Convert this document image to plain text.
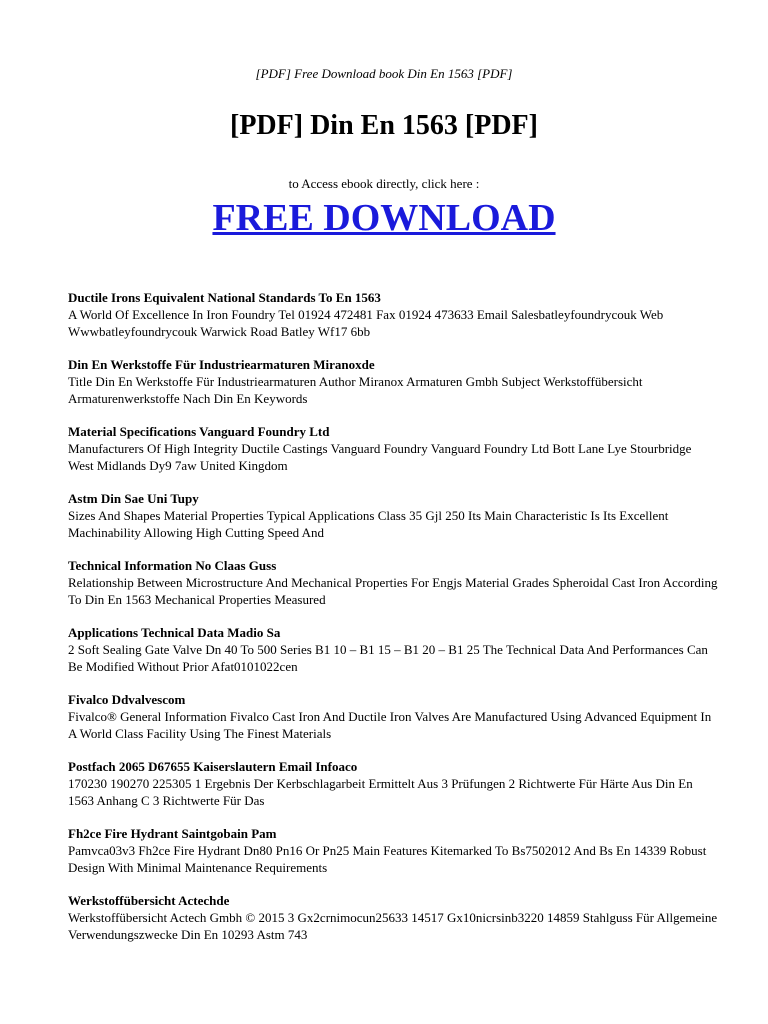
[PDF] Free Download book Din En 1563 [PDF]
[PDF] Din En 1563 [PDF]
to Access ebook directly, click here :
FREE DOWNLOAD
Ductile Irons Equivalent National Standards To En 1563
A World Of Excellence In Iron Foundry Tel 01924 472481 Fax 01924 473633 Email Salesbatleyfoundrycouk Web Wwwbatleyfoundrycouk Warwick Road Batley Wf17 6bb
Din En Werkstoffe Für Industriearmaturen Miranoxde
Title Din En Werkstoffe Für Industriearmaturen Author Miranox Armaturen Gmbh Subject Werkstoffübersicht Armaturenwerkstoffe Nach Din En Keywords
Material Specifications Vanguard Foundry Ltd
Manufacturers Of High Integrity Ductile Castings Vanguard Foundry Vanguard Foundry Ltd Bott Lane Lye Stourbridge West Midlands Dy9 7aw United Kingdom
Astm Din Sae Uni Tupy
Sizes And Shapes Material Properties Typical Applications Class 35 Gjl 250 Its Main Characteristic Is Its Excellent Machinability Allowing High Cutting Speed And
Technical Information No Claas Guss
Relationship Between Microstructure And Mechanical Properties For Engjs Material Grades Spheroidal Cast Iron According To Din En 1563 Mechanical Properties Measured
Applications Technical Data Madio Sa
2 Soft Sealing Gate Valve Dn 40 To 500 Series B1 10 – B1 15 – B1 20 – B1 25 The Technical Data And Performances Can Be Modified Without Prior Afat0101022cen
Fivalco Ddvalvescom
Fivalco® General Information Fivalco Cast Iron And Ductile Iron Valves Are Manufactured Using Advanced Equipment In A World Class Facility Using The Finest Materials
Postfach 2065 D67655 Kaiserslautern Email Infoaco
170230 190270 225305 1 Ergebnis Der Kerbschlagarbeit Ermittelt Aus 3 Prüfungen 2 Richtwerte Für Härte Aus Din En 1563 Anhang C 3 Richtwerte Für Das
Fh2ce Fire Hydrant Saintgobain Pam
Pamvca03v3 Fh2ce Fire Hydrant Dn80 Pn16 Or Pn25 Main Features Kitemarked To Bs7502012 And Bs En 14339 Robust Design With Minimal Maintenance Requirements
Werkstoffübersicht Actechde
Werkstoffübersicht Actech Gmbh © 2015 3 Gx2crnimocun25633 14517 Gx10nicrsinb3220 14859 Stahlguss Für Allgemeine Verwendungszwecke Din En 10293 Astm 743
